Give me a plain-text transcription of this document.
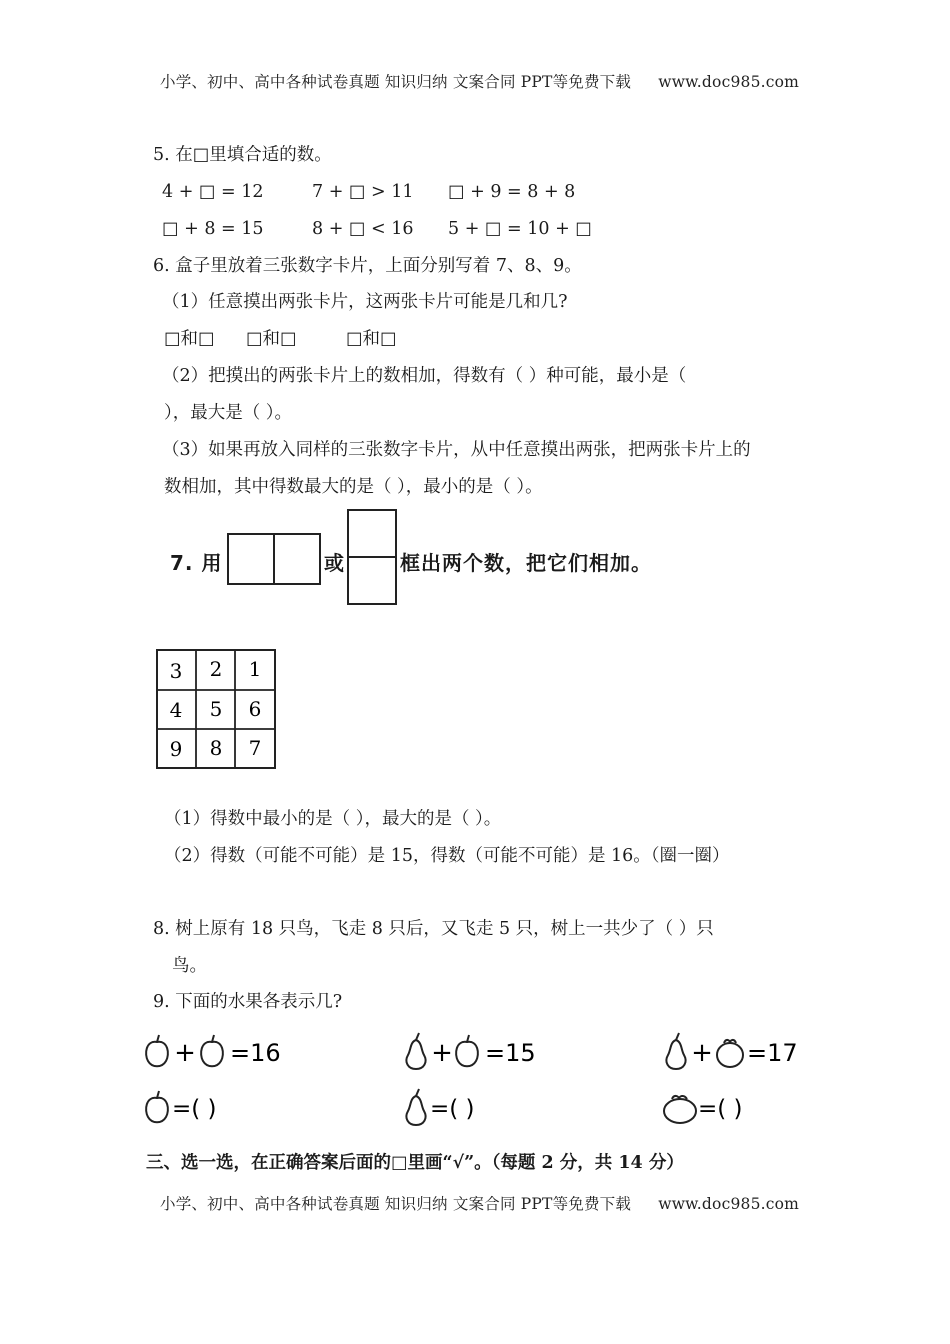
小学、初中、高中各种试卷真题 知识归纳 文案合同 PPT等免费下载 www.doc985.com
5. 在□里填合适的数。
4 + □ = 12	7 + □ > 11 □ + 9 = 8 + 8
□ + 8 = 15	8 + □ < 16 5 + □ = 10 + □
6. 盒子里放着三张数字卡片，上面分别写着 7、8、9。
（1）任意摸出两张卡片，这两张卡片可能是几和几?
□和□ □和□	□和□
（2）把摸出的两张卡片上的数相加，得数有（ ）种可能，最小是（
），最大是（ ）。
（3）如果再放入同样的三张数字卡片，从中任意摸出两张，把两张卡片上的
数相加，其中得数最大的是（ ），最小的是（ ）。
7. 用	或	框出两个数，把它们相加。
3 2 1
4 5 6
9 8 7
（1）得数中最小的是（ ），最大的是（ ）。
（2）得数（可能不可能）是 15，得数（可能不可能）是 16。（圈一圈）
8. 树上原有 18 只鸟，飞走 8 只后，又飞走 5 只，树上一共少了（ ）只
鸟。
9. 下面的水果各表示几?
+ =16	+ =15	+ =17
=( )	=( )	=( )
三、选一选，在正确答案后面的□里画“√”。（每题 2 分，共 14 分）
小学、初中、高中各种试卷真题 知识归纳 文案合同 PPT等免费下载 www.doc985.com
